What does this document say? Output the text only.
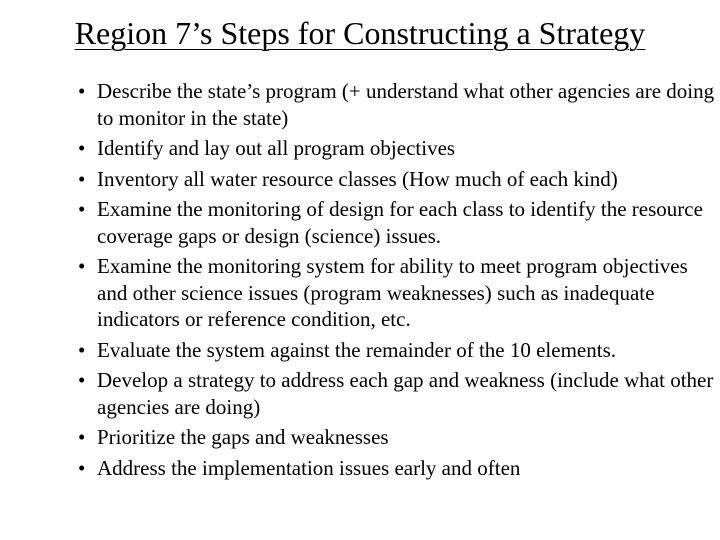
Region 7’s Steps for Constructing a Strategy
• Describe the state’s program (+ understand what other agencies are doing to monitor in the state)
• Identify and lay out all program objectives
• Inventory all water resource classes (How much of each kind)
• Examine the monitoring of design for each class to identify the resource coverage gaps or design (science) issues.
• Examine the monitoring system for ability to meet program objectives and other science issues (program weaknesses) such as inadequate indicators or reference condition, etc.
• Evaluate the system against the remainder of the 10 elements.
• Develop a strategy to address each gap and weakness (include what other agencies are doing)
• Prioritize the gaps and weaknesses
• Address the implementation issues early and often
